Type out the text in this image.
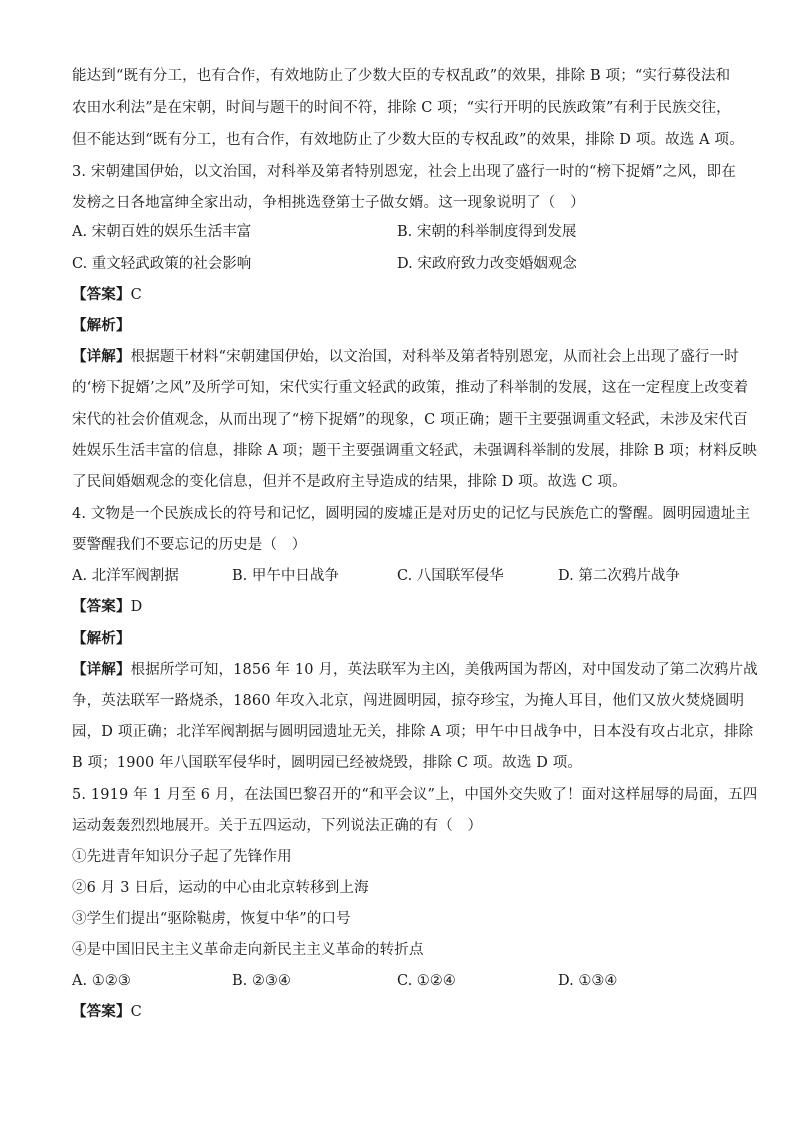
能达到“既有分工，也有合作，有效地防止了少数大臣的专权乱政”的效果，排除 B 项；“实行募役法和
农田水利法”是在宋朝，时间与题干的时间不符，排除 C 项；“实行开明的民族政策”有利于民族交往，
但不能达到“既有分工，也有合作，有效地防止了少数大臣的专权乱政”的效果，排除 D 项。故选 A 项。
3. 宋朝建国伊始，以文治国，对科举及第者特别恩宠，社会上出现了盛行一时的“榜下捉婿”之风，即在
发榜之日各地富绅全家出动，争相挑选登第士子做女婿。这一现象说明了（　）
A. 宋朝百姓的娱乐生活丰富	B. 宋朝的科举制度得到发展
C. 重文轻武政策的社会影响	D. 宋政府致力改变婚姻观念
【答案】C
【解析】
【详解】根据题干材料“宋朝建国伊始，以文治国，对科举及第者特别恩宠，从而社会上出现了盛行一时
的‘榜下捉婿’之风”及所学可知，宋代实行重文轻武的政策，推动了科举制的发展，这在一定程度上改变着
宋代的社会价值观念，从而出现了“榜下捉婿”的现象，C 项正确；题干主要强调重文轻武，未涉及宋代百
姓娱乐生活丰富的信息，排除 A 项；题干主要强调重文轻武，未强调科举制的发展，排除 B 项；材料反映
了民间婚姻观念的变化信息，但并不是政府主导造成的结果，排除 D 项。故选 C 项。
4. 文物是一个民族成长的符号和记忆，圆明园的废墟正是对历史的记忆与民族危亡的警醒。圆明园遗址主
要警醒我们不要忘记的历史是（　）
A. 北洋军阀割据	B. 甲午中日战争	C. 八国联军侵华	D. 第二次鸦片战争
【答案】D
【解析】
【详解】根据所学可知，1856 年 10 月，英法联军为主凶，美俄两国为帮凶，对中国发动了第二次鸦片战
争，英法联军一路烧杀，1860 年攻入北京，闯进圆明园，掠夺珍宝，为掩人耳目，他们又放火焚烧圆明
园，D 项正确；北洋军阀割据与圆明园遗址无关，排除 A 项；甲午中日战争中，日本没有攻占北京，排除
B 项；1900 年八国联军侵华时，圆明园已经被烧毁，排除 C 项。故选 D 项。
5. 1919 年 1 月至 6 月，在法国巴黎召开的“和平会议”上，中国外交失败了！面对这样屈辱的局面，五四
运动轰轰烈烈地展开。关于五四运动，下列说法正确的有（　）
①先进青年知识分子起了先锋作用
②6 月 3 日后，运动的中心由北京转移到上海
③学生们提出“驱除鞑虏，恢复中华”的口号
④是中国旧民主主义革命走向新民主主义革命的转折点
A. ①②③	B. ②③④	C. ①②④	D. ①③④
【答案】C
